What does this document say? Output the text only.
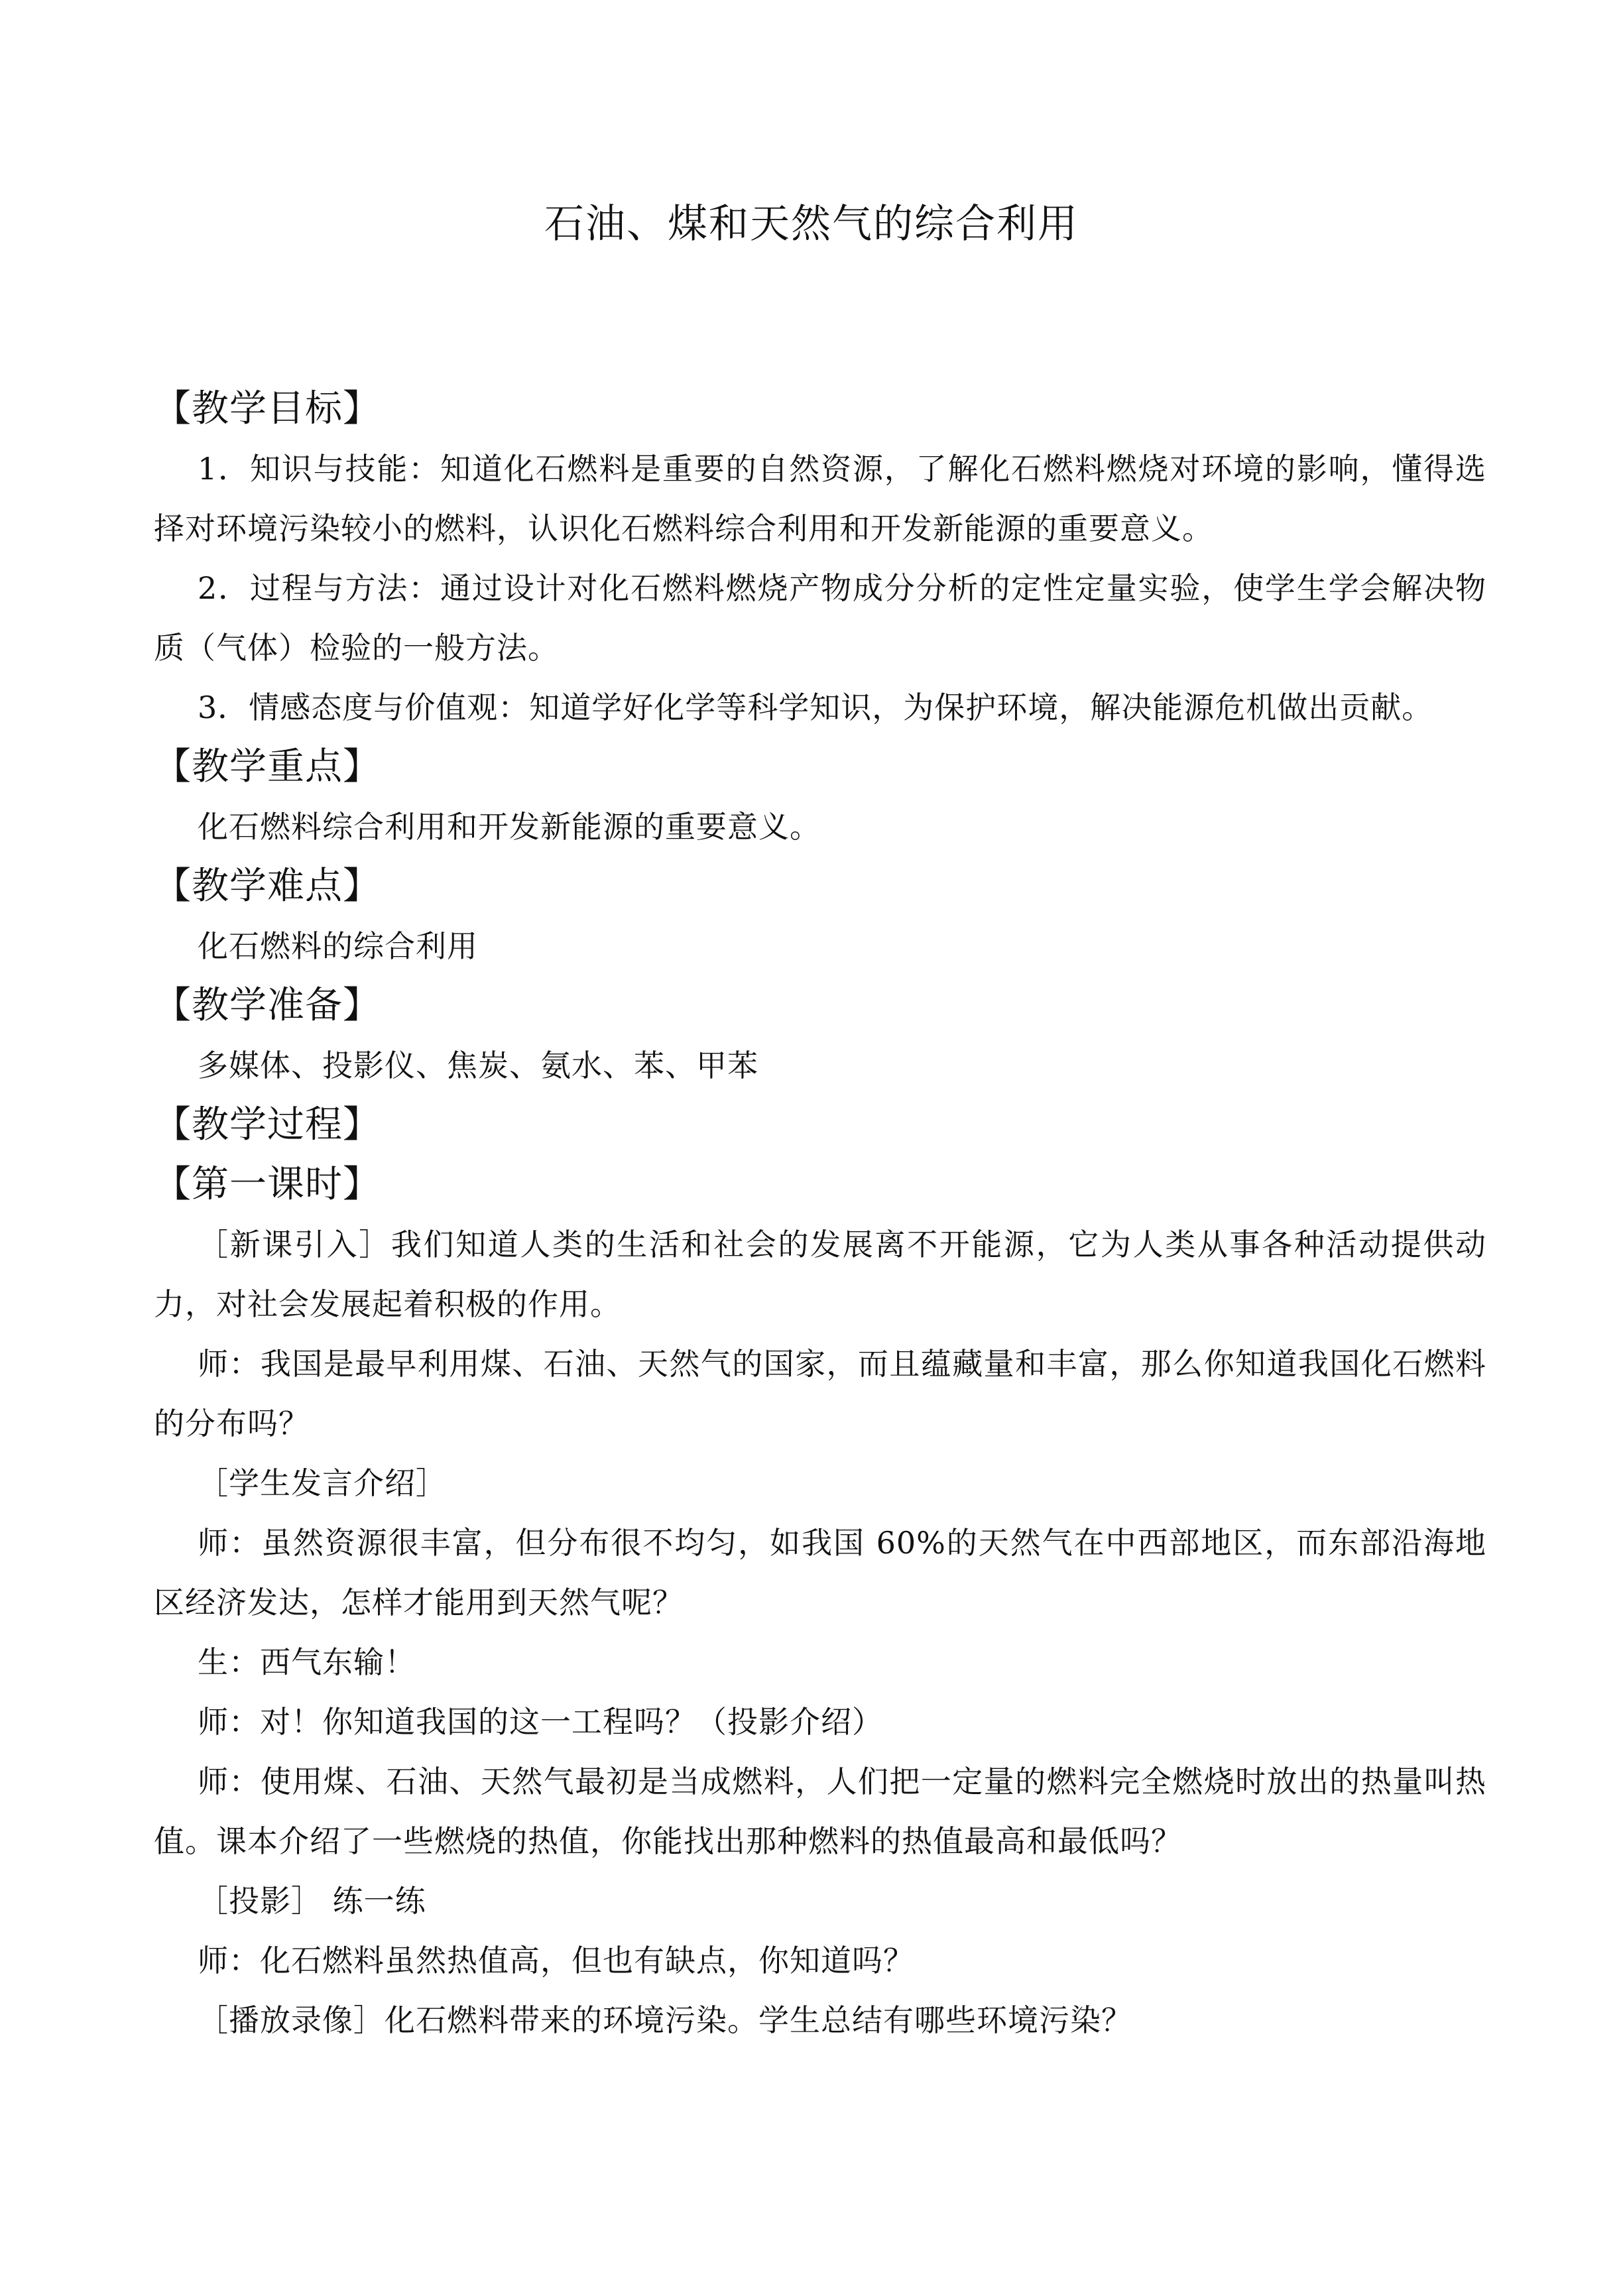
石油、煤和天然气的综合利用
【教学目标】

1．知识与技能：知道化石燃料是重要的自然资源，了解化石燃料燃烧对环境的影响，懂得选择对环境污染较小的燃料，认识化石燃料综合利用和开发新能源的重要意义。

2．过程与方法：通过设计对化石燃料燃烧产物成分分析的定性定量实验，使学生学会解决物质（气体）检验的一般方法。

3．情感态度与价值观：知道学好化学等科学知识，为保护环境，解决能源危机做出贡献。

【教学重点】

化石燃料综合利用和开发新能源的重要意义。

【教学难点】

化石燃料的综合利用

【教学准备】

多媒体、投影仪、焦炭、氨水、苯、甲苯

【教学过程】
【第一课时】

［新课引入］我们知道人类的生活和社会的发展离不开能源，它为人类从事各种活动提供动力，对社会发展起着积极的作用。

师：我国是最早利用煤、石油、天然气的国家，而且蕴藏量和丰富，那么你知道我国化石燃料的分布吗？

［学生发言介绍］

师：虽然资源很丰富，但分布很不均匀，如我国 60%的天然气在中西部地区，而东部沿海地区经济发达，怎样才能用到天然气呢？

生：西气东输！

师：对！你知道我国的这一工程吗？（投影介绍）

师：使用煤、石油、天然气最初是当成燃料，人们把一定量的燃料完全燃烧时放出的热量叫热值。课本介绍了一些燃烧的热值，你能找出那种燃料的热值最高和最低吗？

［投影］ 练一练

师：化石燃料虽然热值高，但也有缺点，你知道吗？

［播放录像］化石燃料带来的环境污染。学生总结有哪些环境污染？
